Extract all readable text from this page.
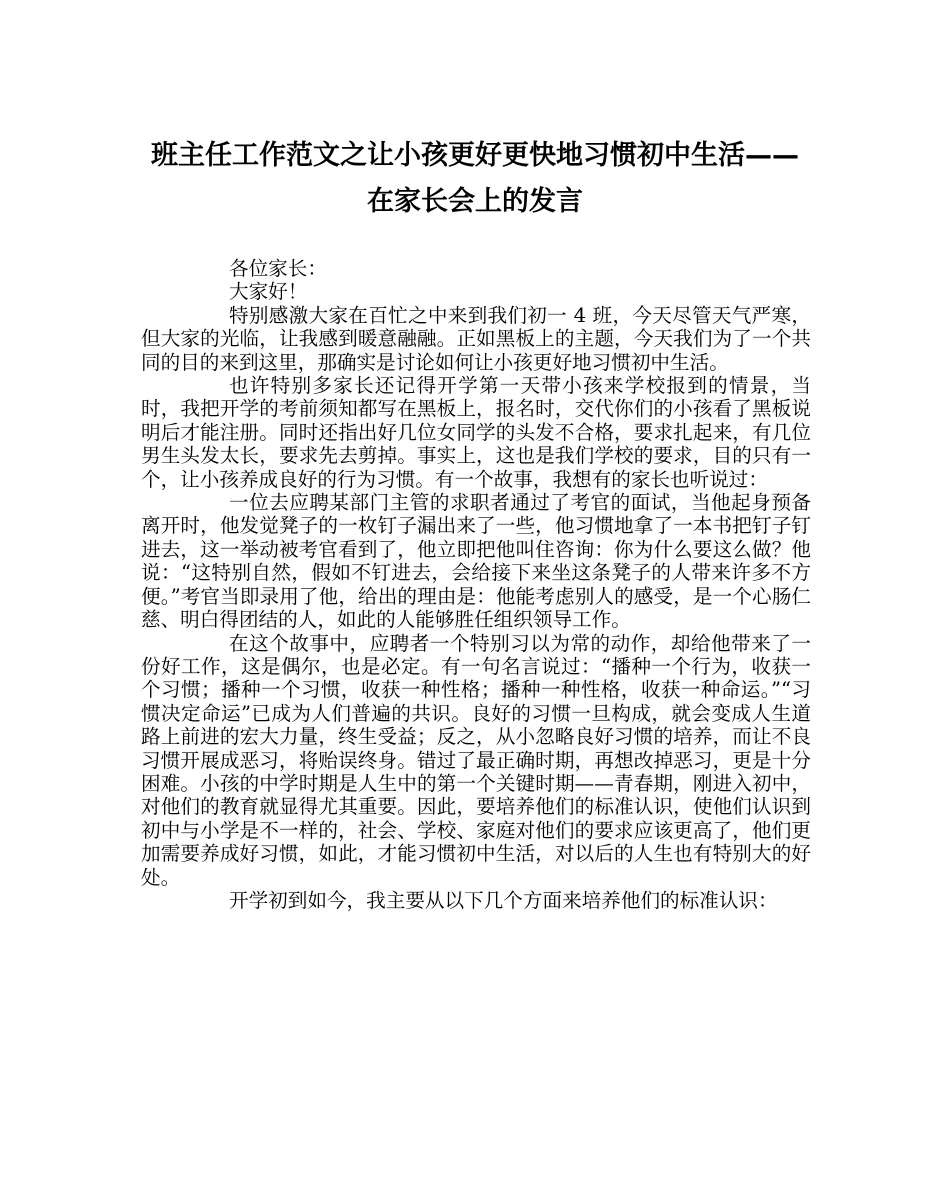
班主任工作范文之让小孩更好更快地习惯初中生活——
在家长会上的发言

各位家长：

大家好！

特别感激大家在百忙之中来到我们初一 4 班，今天尽管天气严寒，但大家的光临，让我感到暖意融融。正如黑板上的主题，今天我们为了一个共同的目的来到这里，那确实是讨论如何让小孩更好地习惯初中生活。

也许特别多家长还记得开学第一天带小孩来学校报到的情景，当时，我把开学的考前须知都写在黑板上，报名时，交代你们的小孩看了黑板说明后才能注册。同时还指出好几位女同学的头发不合格，要求扎起来，有几位男生头发太长，要求先去剪掉。事实上，这也是我们学校的要求，目的只有一个，让小孩养成良好的行为习惯。有一个故事，我想有的家长也听说过：

一位去应聘某部门主管的求职者通过了考官的面试，当他起身预备离开时，他发觉凳子的一枚钉子漏出来了一些，他习惯地拿了一本书把钉子钉进去，这一举动被考官看到了，他立即把他叫住咨询：你为什么要这么做？他说：“这特别自然，假如不钉进去，会给接下来坐这条凳子的人带来许多不方便。”考官当即录用了他，给出的理由是：他能考虑别人的感受，是一个心肠仁慈、明白得团结的人，如此的人能够胜任组织领导工作。

在这个故事中，应聘者一个特别习以为常的动作，却给他带来了一份好工作，这是偶尔，也是必定。有一句名言说过：“播种一个行为，收获一个习惯；播种一个习惯，收获一种性格；播种一种性格，收获一种命运。”“习惯决定命运”已成为人们普遍的共识。良好的习惯一旦构成，就会变成人生道路上前进的宏大力量，终生受益；反之，从小忽略良好习惯的培养，而让不良习惯开展成恶习，将贻误终身。错过了最正确时期，再想改掉恶习，更是十分困难。小孩的中学时期是人生中的第一个关键时期——青春期，刚进入初中，对他们的教育就显得尤其重要。因此，要培养他们的标准认识，使他们认识到初中与小学是不一样的，社会、学校、家庭对他们的要求应该更高了，他们更加需要养成好习惯，如此，才能习惯初中生活，对以后的人生也有特别大的好处。

开学初到如今，我主要从以下几个方面来培养他们的标准认识：
